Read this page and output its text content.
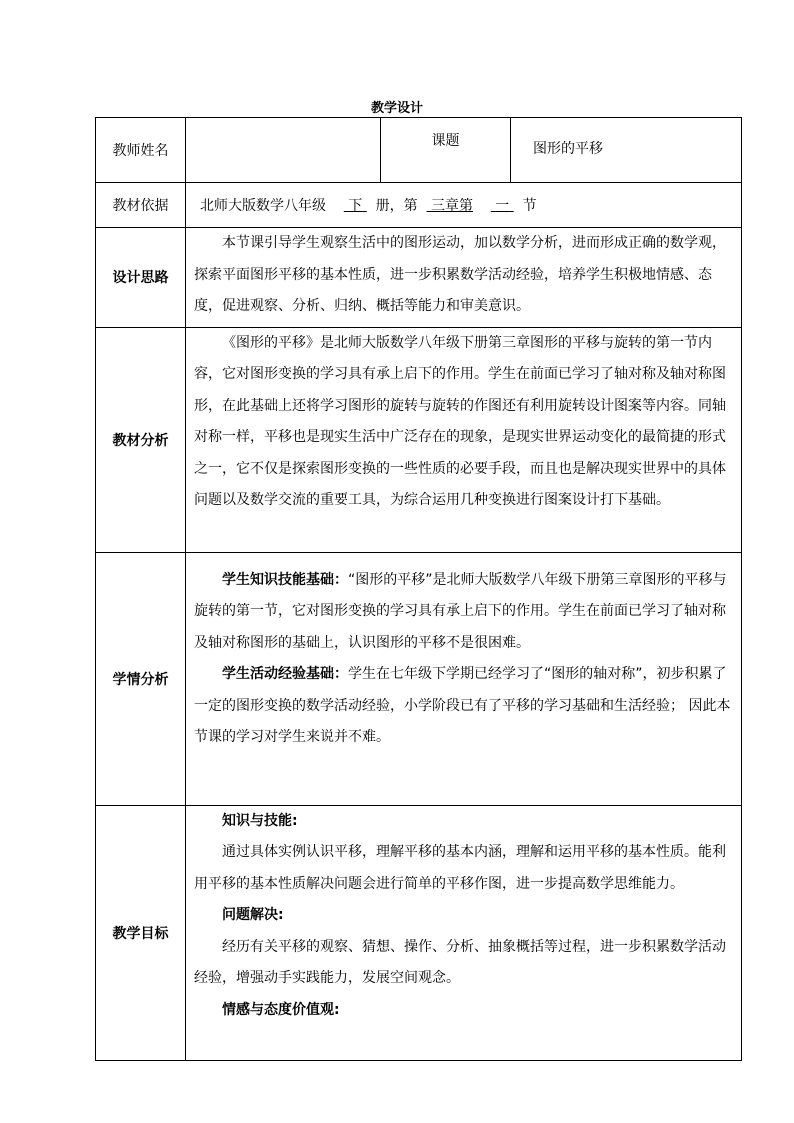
教学设计
教师姓名		课题	图形的平移
教材依据	北师大版数学八年级 下 册，第 三章第 一 节		
设计思路	本节课引导学生观察生活中的图形运动，加以数学分析，进而形成正确的数学观，探索平面图形平移的基本性质，进一步积累数学活动经验，培养学生积极地情感、态度，促进观察、分析、归纳、概括等能力和审美意识。		

教材分析	《图形的平移》是北师大版数学八年级下册第三章图形的平移与旋转的第一节内容，它对图形变换的学习具有承上启下的作用。学生在前面已学习了轴对称及轴对称图形，在此基础上还将学习图形的旋转与旋转的作图还有利用旋转设计图案等内容。同轴对称一样，平移也是现实生活中广泛存在的现象，是现实世界运动变化的最简捷的形式之一，它不仅是探索图形变换的一些性质的必要手段，而且也是解决现实世界中的具体问题以及数学交流的重要工具，为综合运用几种变换进行图案设计打下基础。		

学情分析	学生知识技能基础：“图形的平移”是北师大版数学八年级下册第三章图形的平移与旋转的第一节，它对图形变换的学习具有承上启下的作用。学生在前面已学习了轴对称及轴对称图形的基础上，认识图形的平移不是很困难。

学生活动经验基础：学生在七年级下学期已经学习了“图形的轴对称”，初步积累了一定的图形变换的数学活动经验，小学阶段已有了平移的学习基础和生活经验； 因此本节课的学习对学生来说并不难。		

教学目标	知识与技能:

通过具体实例认识平移，理解平移的基本内涵，理解和运用平移的基本性质。能利用平移的基本性质解决问题会进行简单的平移作图，进一步提高数学思维能力。

问题解决:

经历有关平移的观察、猜想、操作、分析、抽象概括等过程，进一步积累数学活动经验，增强动手实践能力，发展空间观念。

情感与态度价值观:		
